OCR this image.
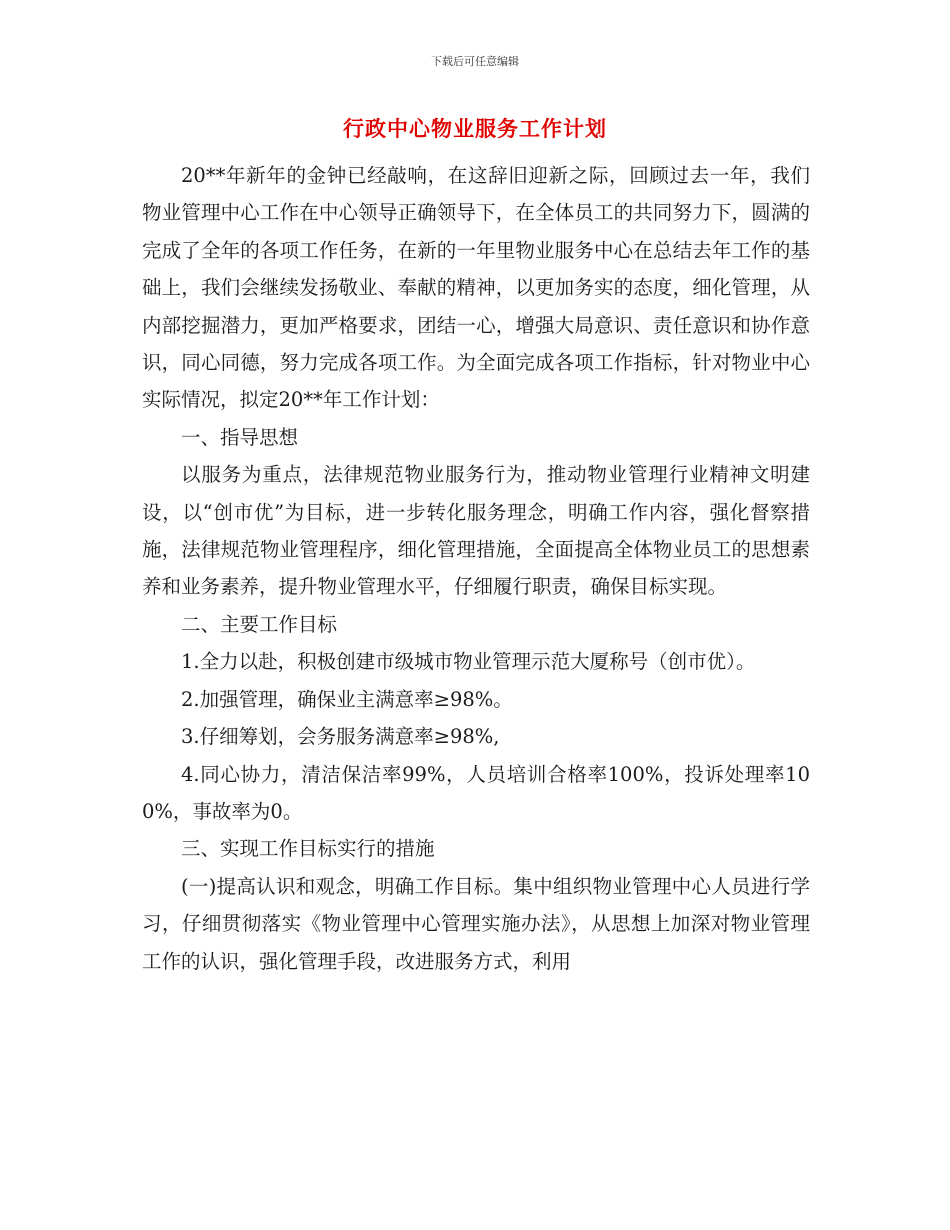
下载后可任意编辑
行政中心物业服务工作计划

20**年新年的金钟已经敲响，在这辞旧迎新之际，回顾过去一年，我们物业管理中心工作在中心领导正确领导下，在全体员工的共同努力下，圆满的完成了全年的各项工作任务，在新的一年里物业服务中心在总结去年工作的基础上，我们会继续发扬敬业、奉献的精神，以更加务实的态度，细化管理，从内部挖掘潜力，更加严格要求，团结一心，增强大局意识、责任意识和协作意识，同心同德，努力完成各项工作。为全面完成各项工作指标，针对物业中心实际情况，拟定20**年工作计划：

一、指导思想

以服务为重点，法律规范物业服务行为，推动物业管理行业精神文明建设，以“创市优”为目标，进一步转化服务理念，明确工作内容，强化督察措施，法律规范物业管理程序，细化管理措施，全面提高全体物业员工的思想素养和业务素养，提升物业管理水平，仔细履行职责，确保目标实现。

二、主要工作目标

1.全力以赴，积极创建市级城市物业管理示范大厦称号（创市优）。

2.加强管理，确保业主满意率≥98%。

3.仔细筹划，会务服务满意率≥98%,

4.同心协力，清洁保洁率99%，人员培训合格率100%，投诉处理率100%，事故率为0。

三、实现工作目标实行的措施

(一)提高认识和观念，明确工作目标。集中组织物业管理中心人员进行学习，仔细贯彻落实《物业管理中心管理实施办法》，从思想上加深对物业管理工作的认识，强化管理手段，改进服务方式，利用
